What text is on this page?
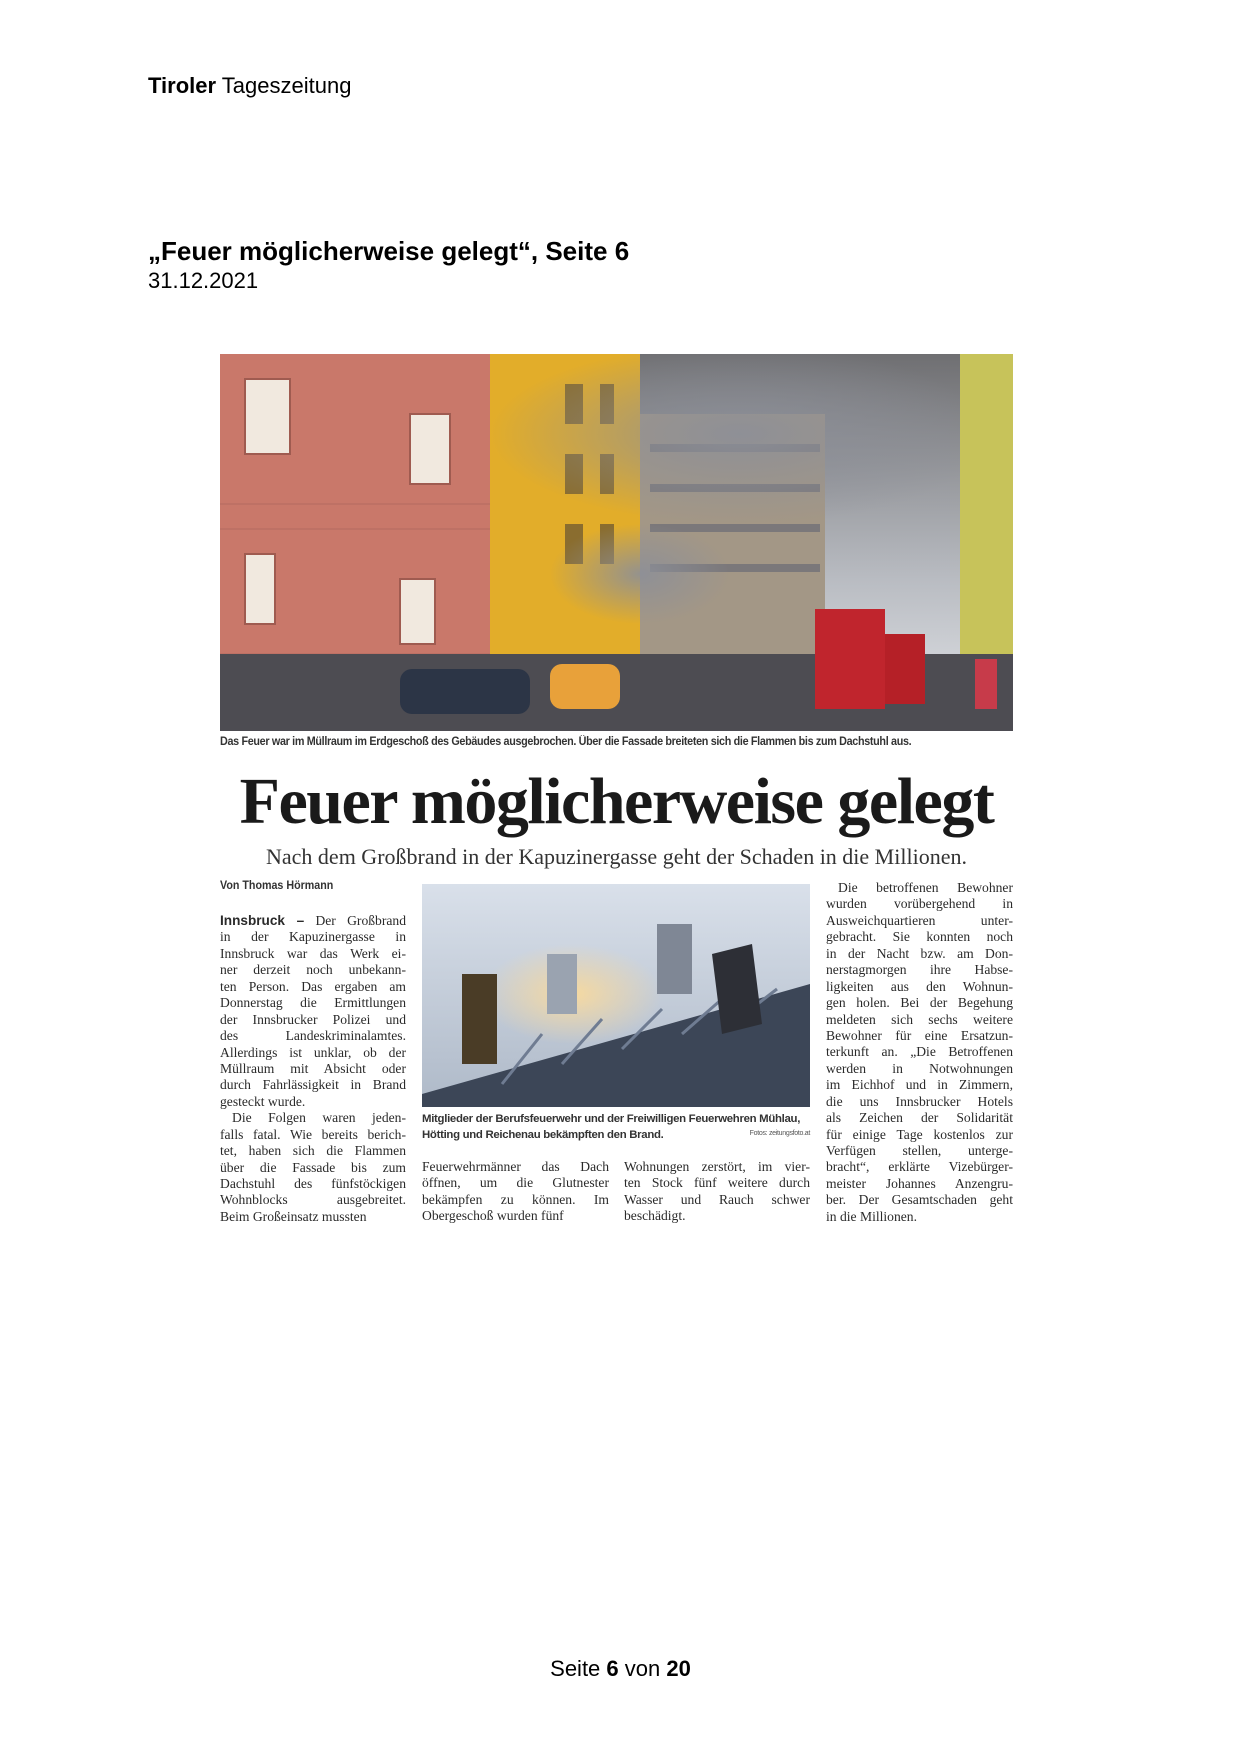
Tiroler Tageszeitung
„Feuer möglicherweise gelegt“, Seite 6
31.12.2021
Das Feuer war im Müllraum im Erdgeschoß des Gebäudes ausgebrochen. Über die Fassade breiteten sich die Flammen bis zum Dachstuhl aus.
Feuer möglicherweise gelegt
Nach dem Großbrand in der Kapuzinergasse geht der Schaden in die Millionen.
Von Thomas Hörmann
Innsbruck – Der Großbrand
in der Kapuzinergasse in
Innsbruck war das Werk ei-
ner derzeit noch unbekann-
ten Person. Das ergaben am
Donnerstag die Ermittlungen
der Innsbrucker Polizei und
des Landeskriminalamtes.
Allerdings ist unklar, ob der
Müllraum mit Absicht oder
durch Fahrlässigkeit in Brand
gesteckt wurde.
Die Folgen waren jeden-
falls fatal. Wie bereits berich-
tet, haben sich die Flammen
über die Fassade bis zum
Dachstuhl des fünfstöckigen
Wohnblocks ausgebreitet.
Beim Großeinsatz mussten
Mitglieder der Berufsfeuerwehr und der Freiwilligen Feuerwehren Mühlau, Hötting und Reichenau bekämpften den Brand.	Fotos: zeitungsfoto.at
Feuerwehrmänner das Dach
öffnen, um die Glutnester
bekämpfen zu können. Im
Obergeschoß wurden fünf
Wohnungen zerstört, im vier-
ten Stock fünf weitere durch
Wasser und Rauch schwer
beschädigt.
Die betroffenen Bewohner
wurden vorübergehend in
Ausweichquartieren unter-
gebracht. Sie konnten noch
in der Nacht bzw. am Don-
nerstagmorgen ihre Habse-
ligkeiten aus den Wohnun-
gen holen. Bei der Begehung
meldeten sich sechs weitere
Bewohner für eine Ersatzun-
terkunft an. „Die Betroffenen
werden in Notwohnungen
im Eichhof und in Zimmern,
die uns Innsbrucker Hotels
als Zeichen der Solidarität
für einige Tage kostenlos zur
Verfügen stellen, unterge-
bracht“, erklärte Vizebürger-
meister Johannes Anzengru-
ber. Der Gesamtschaden geht
in die Millionen.
Seite 6 von 20
